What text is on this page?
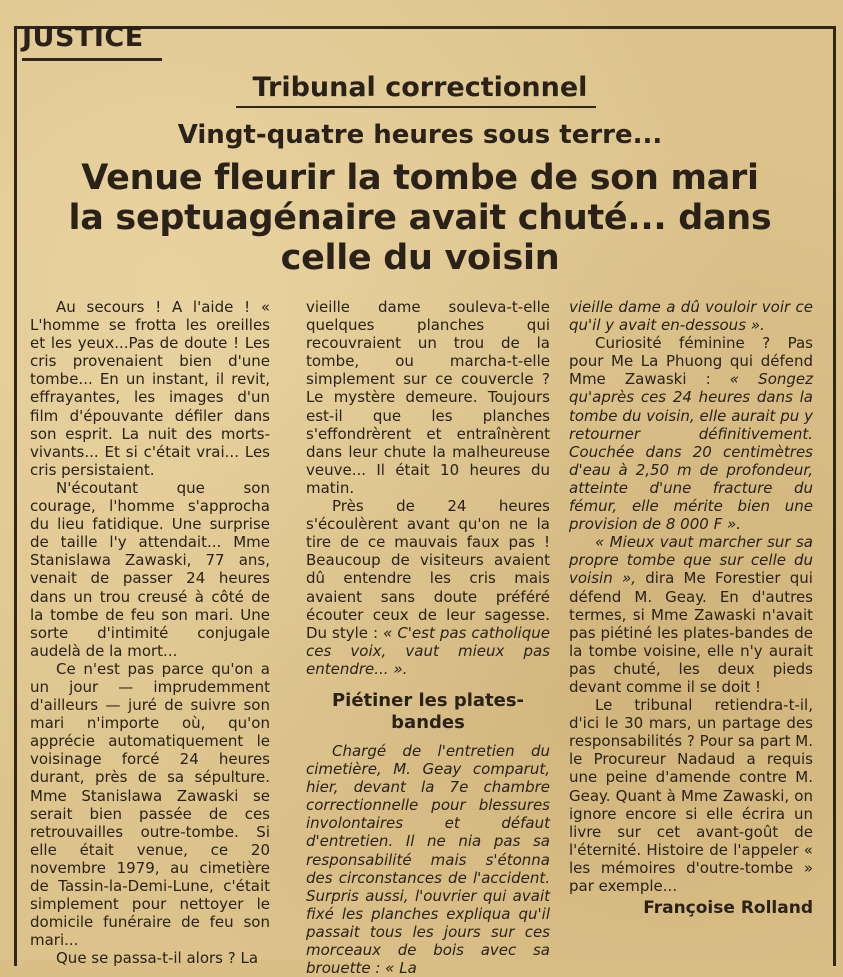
JUSTICE
Tribunal correctionnel
Vingt-quatre heures sous terre...
Venue fleurir la tombe de son mari
la septuagénaire avait chuté... dans
celle du voisin

Au secours ! A l'aide ! « L'homme se frotta les oreilles et les yeux...Pas de doute ! Les cris provenaient bien d'une tombe... En un instant, il revit, effrayantes, les images d'un film d'épouvante défiler dans son esprit. La nuit des morts-vivants... Et si c'était vrai... Les cris persistaient.

N'écoutant que son courage, l'homme s'approcha du lieu fatidique. Une surprise de taille l'y attendait... Mme Stanislawa Zawaski, 77 ans, venait de passer 24 heures dans un trou creusé à côté de la tombe de feu son mari. Une sorte d'intimité conjugale audelà de la mort...

Ce n'est pas parce qu'on a un jour — imprudemment d'ailleurs — juré de suivre son mari n'importe où, qu'on apprécie automatiquement le voisinage forcé 24 heures durant, près de sa sépulture. Mme Stanislawa Zawaski se serait bien passée de ces retrouvailles outre-tombe. Si elle était venue, ce 20 novembre 1979, au cimetière de Tassin-la-Demi-Lune, c'était simplement pour nettoyer le domicile funéraire de feu son mari...

Que se passa-t-il alors ? La

vieille dame souleva-t-elle quelques planches qui recouvraient un trou de la tombe, ou marcha-t-elle simplement sur ce couvercle ? Le mystère demeure. Toujours est-il que les planches s'effondrèrent et entraînèrent dans leur chute la malheureuse veuve... Il était 10 heures du matin.

Près de 24 heures s'écoulèrent avant qu'on ne la tire de ce mauvais faux pas ! Beaucoup de visiteurs avaient dû entendre les cris mais avaient sans doute préféré écouter ceux de leur sagesse. Du style : « C'est pas catholique ces voix, vaut mieux pas entendre... ».

Piétiner les plates-bandes

Chargé de l'entretien du cimetière, M. Geay comparut, hier, devant la 7e chambre correctionnelle pour blessures involontaires et défaut d'entretien. Il ne nia pas sa responsabilité mais s'étonna des circonstances de l'accident. Surpris aussi, l'ouvrier qui avait fixé les planches expliqua qu'il passait tous les jours sur ces morceaux de bois avec sa brouette : « La

vieille dame a dû vouloir voir ce qu'il y avait en-dessous ».

Curiosité féminine ? Pas pour Me La Phuong qui défend Mme Zawaski : « Songez qu'après ces 24 heures dans la tombe du voisin, elle aurait pu y retourner définitivement. Couchée dans 20 centimètres d'eau à 2,50 m de profondeur, atteinte d'une fracture du fémur, elle mérite bien une provision de 8 000 F ».

« Mieux vaut marcher sur sa propre tombe que sur celle du voisin », dira Me Forestier qui défend M. Geay. En d'autres termes, si Mme Zawaski n'avait pas piétiné les plates-bandes de la tombe voisine, elle n'y aurait pas chuté, les deux pieds devant comme il se doit !

Le tribunal retiendra-t-il, d'ici le 30 mars, un partage des responsabilités ? Pour sa part M. le Procureur Nadaud a requis une peine d'amende contre M. Geay. Quant à Mme Zawaski, on ignore encore si elle écrira un livre sur cet avant-goût de l'éternité. Histoire de l'appeler « les mémoires d'outre-tombe » par exemple...

Françoise Rolland
